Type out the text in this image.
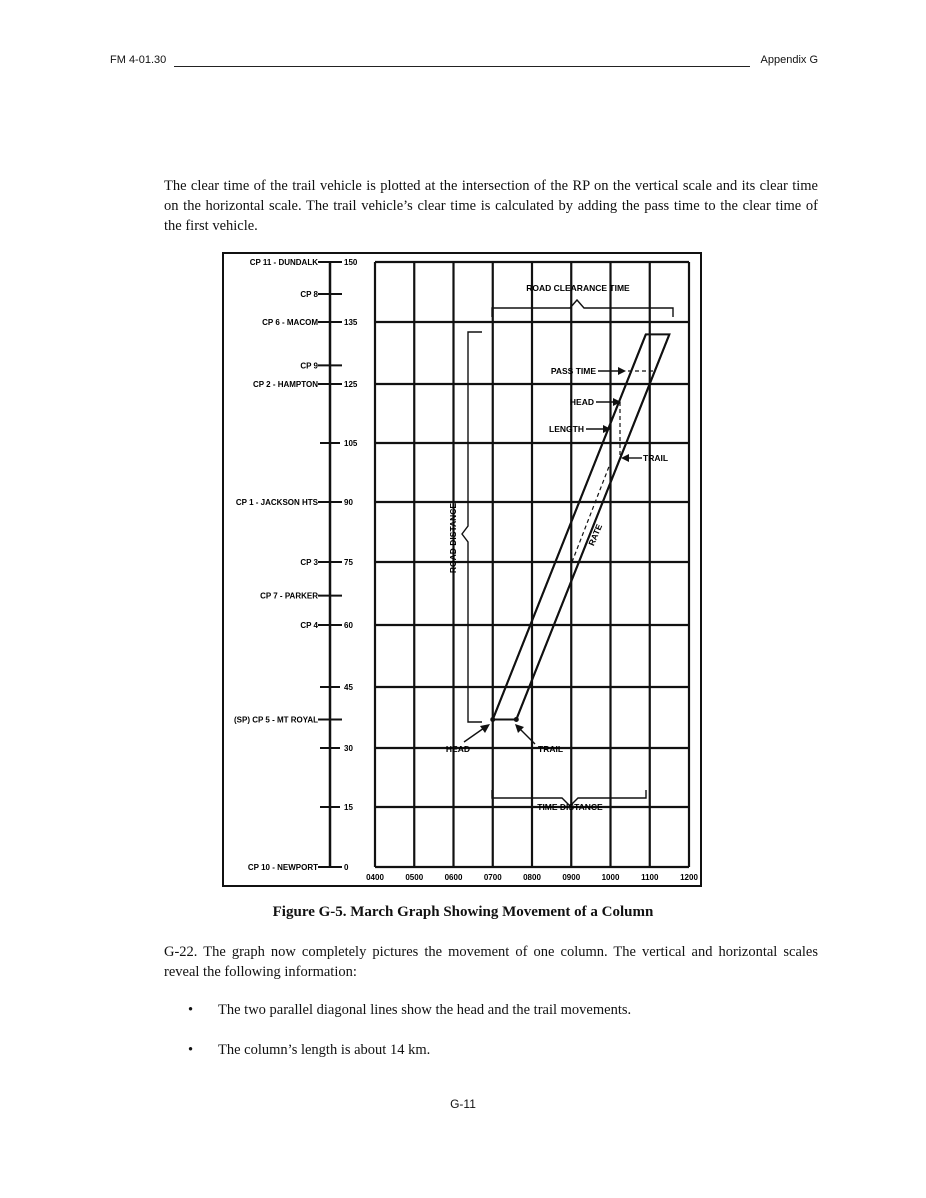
FM 4-01.30	Appendix G

The clear time of the trail vehicle is plotted at the intersection of the RP on the vertical scale and its clear time on the horizontal scale. The trail vehicle’s clear time is calculated by adding the pass time to the clear time of the first vehicle.

0400	0500	0600	0700	0800	0900	1000	1100	1200
150
135
125
105
90
75
60
45
30
15
0
CP 11 - DUNDALK
CP 8
CP 6 - MACOM
CP 9
CP 2 - HAMPTON
CP 1 - JACKSON HTS
CP 3
CP 7 - PARKER
CP 4
(SP) CP 5 - MT ROYAL
CP 10 - NEWPORT
ROAD CLEARANCE TIME
ROAD DISTANCE
TIME DISTANCE
PASS TIME
HEAD
LENGTH
TRAIL
RATE
HEAD	TRAIL
Figure G-5. March Graph Showing Movement of a Column

G-22. The graph now completely pictures the movement of one column. The vertical and horizontal scales reveal the following information:

• The two parallel diagonal lines show the head and the trail movements.
• The column’s length is about 14 km.
G-11
